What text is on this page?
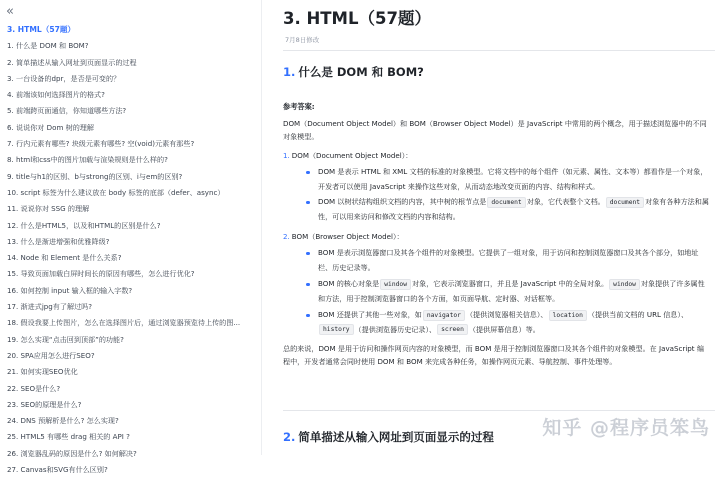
«
3. HTML（57题）
1. 什么是 DOM 和 BOM?
2. 简单描述从输入网址到页面显示的过程
3. 一台设备的dpr，是否是可变的？
4. 前端该如何选择图片的格式?
5. 前端跨页面通信，你知道哪些方法?
6. 说说你对 Dom 树的理解
7. 行内元素有哪些? 块级元素有哪些? 空(void)元素有那些?
8. html和css中的图片加载与渲染规则是什么样的?
9. title与h1的区别、b与strong的区别、i与em的区别?
10. script 标签为什么建议放在 body 标签的底部（defer、async）
11. 说说你对 SSG 的理解
12. 什么是HTML5，以及和HTML的区别是什么?
13. 什么是渐进增强和优雅降级?
14. Node 和 Element 是什么关系?
15. 导致页面加载白屏时间长的原因有哪些，怎么进行优化?
16. 如何控制 input 输入框的输入字数?
17. 渐进式jpg有了解过吗?
18. 假设我要上传图片，怎么在选择图片后，通过浏览器预览待上传的图...
19. 怎么实现“点击回到顶部”的功能?
20. SPA应用怎么进行SEO?
21. 如何实现SEO优化
22. SEO是什么?
23. SEO的原理是什么?
24. DNS 预解析是什么? 怎么实现?
25. HTML5 有哪些 drag 相关的 API ?
26. 浏览器乱码的原因是什么? 如何解决?
27. Canvas和SVG有什么区别?
3. HTML（57题）
7月8日修改
1. 什么是 DOM 和 BOM?
参考答案:

DOM（Document Object Model）和 BOM（Browser Object Model）是 JavaScript 中常用的两个概念，用于描述浏览器中的不同对象模型。

1. DOM（Document Object Model）：
DOM 是表示 HTML 和 XML 文档的标准的对象模型。它将文档中的每个组件（如元素、属性、文本等）都看作是一个对象，开发者可以使用 JavaScript 来操作这些对象，从而动态地改变页面的内容、结构和样式。
DOM 以树状结构组织文档的内容，其中树的根节点是 document 对象，它代表整个文档。 document 对象有各种方法和属性，可以用来访问和修改文档的内容和结构。
2. BOM（Browser Object Model）：
BOM 是表示浏览器窗口及其各个组件的对象模型。它提供了一组对象，用于访问和控制浏览器窗口及其各个部分，如地址栏、历史记录等。
BOM 的核心对象是 window 对象，它表示浏览器窗口，并且是 JavaScript 中的全局对象。 window 对象提供了许多属性和方法，用于控制浏览器窗口的各个方面，如页面导航、定时器、对话框等。
BOM 还提供了其他一些对象，如 navigator （提供浏览器相关信息）、 location （提供当前文档的 URL 信息）、history （提供浏览器历史记录）、 screen （提供屏幕信息）等。

总的来说，DOM 是用于访问和操作网页内容的对象模型，而 BOM 是用于控制浏览器窗口及其各个组件的对象模型。在 JavaScript 编程中，开发者通常会同时使用 DOM 和 BOM 来完成各种任务，如操作网页元素、导航控制、事件处理等。

2. 简单描述从输入网址到页面显示的过程	知乎 @程序员笨鸟
